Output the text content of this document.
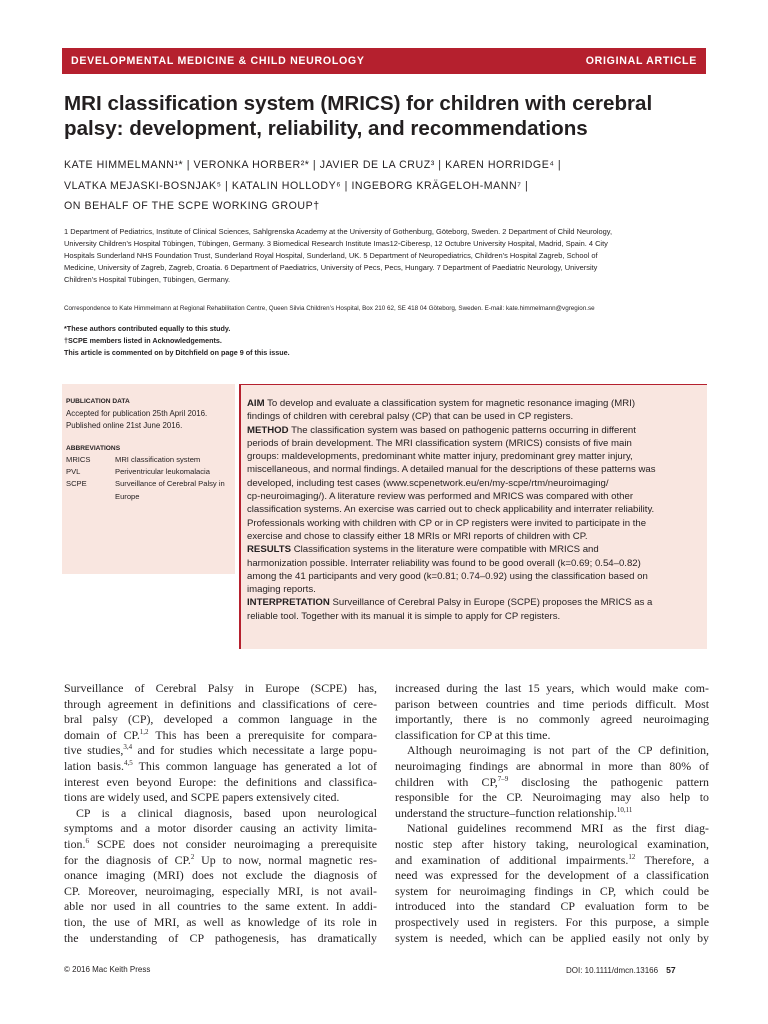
DEVELOPMENTAL MEDICINE & CHILD NEUROLOGY	ORIGINAL ARTICLE
MRI classification system (MRICS) for children with cerebral
palsy: development, reliability, and recommendations
KATE HIMMELMANN¹* | VERONKA HORBER²* | JAVIER DE LA CRUZ³ | KAREN HORRIDGE⁴ |
VLATKA MEJASKI-BOSNJAK⁵ | KATALIN HOLLODY⁶ | INGEBORG KRÄGELOH-MANN⁷ |
ON BEHALF OF THE SCPE WORKING GROUP†
1 Department of Pediatrics, Institute of Clinical Sciences, Sahlgrenska Academy at the University of Gothenburg, Göteborg, Sweden. 2 Department of Child Neurology,
University Children’s Hospital Tübingen, Tübingen, Germany. 3 Biomedical Research Institute Imas12-Ciberesp, 12 Octubre University Hospital, Madrid, Spain. 4 City
Hospitals Sunderland NHS Foundation Trust, Sunderland Royal Hospital, Sunderland, UK. 5 Department of Neuropediatrics, Children’s Hospital Zagreb, School of
Medicine, University of Zagreb, Zagreb, Croatia. 6 Department of Paediatrics, University of Pecs, Pecs, Hungary. 7 Department of Paediatric Neurology, University
Children’s Hospital Tübingen, Tübingen, Germany.
Correspondence to Kate Himmelmann at Regional Rehabilitation Centre, Queen Silvia Children’s Hospital, Box 210 62, SE 418 04 Göteborg, Sweden. E-mail: kate.himmelmann@vgregion.se
*These authors contributed equally to this study.
†SCPE members listed in Acknowledgements.
This article is commented on by Ditchfield on page 9 of this issue.
PUBLICATION DATA
Accepted for publication 25th April 2016.
Published online 21st June 2016.
ABBREVIATIONS
MRICS	MRI classification system
PVL	Periventricular leukomalacia
SCPE	Surveillance of Cerebral Palsy in Europe
AIM To develop and evaluate a classification system for magnetic resonance imaging (MRI)
findings of children with cerebral palsy (CP) that can be used in CP registers.
METHOD The classification system was based on pathogenic patterns occurring in different
periods of brain development. The MRI classification system (MRICS) consists of five main
groups: maldevelopments, predominant white matter injury, predominant grey matter injury,
miscellaneous, and normal findings. A detailed manual for the descriptions of these patterns was
developed, including test cases (www.scpenetwork.eu/en/my-scpe/rtm/neuroimaging/
cp-neuroimaging/). A literature review was performed and MRICS was compared with other
classification systems. An exercise was carried out to check applicability and interrater reliability.
Professionals working with children with CP or in CP registers were invited to participate in the
exercise and chose to classify either 18 MRIs or MRI reports of children with CP.
RESULTS Classification systems in the literature were compatible with MRICS and
harmonization possible. Interrater reliability was found to be good overall (k=0.69; 0.54–0.82)
among the 41 participants and very good (k=0.81; 0.74–0.92) using the classification based on
imaging reports.
INTERPRETATION Surveillance of Cerebral Palsy in Europe (SCPE) proposes the MRICS as a
reliable tool. Together with its manual it is simple to apply for CP registers.
Surveillance of Cerebral Palsy in Europe (SCPE) has,
through agreement in definitions and classifications of cere-
bral palsy (CP), developed a common language in the
domain of CP.$^{1,2}$ This has been a prerequisite for compara-
tive studies,$^{3,4}$ and for studies which necessitate a large popu-
lation basis.$^{4,5}$ This common language has generated a lot of
interest even beyond Europe: the definitions and classifica-
tions are widely used, and SCPE papers extensively cited.
CP is a clinical diagnosis, based upon neurological
symptoms and a motor disorder causing an activity limita-
tion.$^6$ SCPE does not consider neuroimaging a prerequisite
for the diagnosis of CP.$^2$ Up to now, normal magnetic res-
onance imaging (MRI) does not exclude the diagnosis of
CP. Moreover, neuroimaging, especially MRI, is not avail-
able nor used in all countries to the same extent. In addi-
tion, the use of MRI, as well as knowledge of its role in
the understanding of CP pathogenesis, has dramatically
increased during the last 15 years, which would make com-
parison between countries and time periods difficult. Most
importantly, there is no commonly agreed neuroimaging
classification for CP at this time.
Although neuroimaging is not part of the CP definition,
neuroimaging findings are abnormal in more than 80% of
children with CP,$^{7-9}$ disclosing the pathogenic pattern
responsible for the CP. Neuroimaging may also help to
understand the structure–function relationship.$^{10,11}$
National guidelines recommend MRI as the first diag-
nostic step after history taking, neurological examination,
and examination of additional impairments.$^{12}$ Therefore, a
need was expressed for the development of a classification
system for neuroimaging findings in CP, which could be
introduced into the standard CP evaluation form to be
prospectively used in registers. For this purpose, a simple
system is needed, which can be applied easily not only by
© 2016 Mac Keith Press	DOI: 10.1111/dmcn.13166 57
